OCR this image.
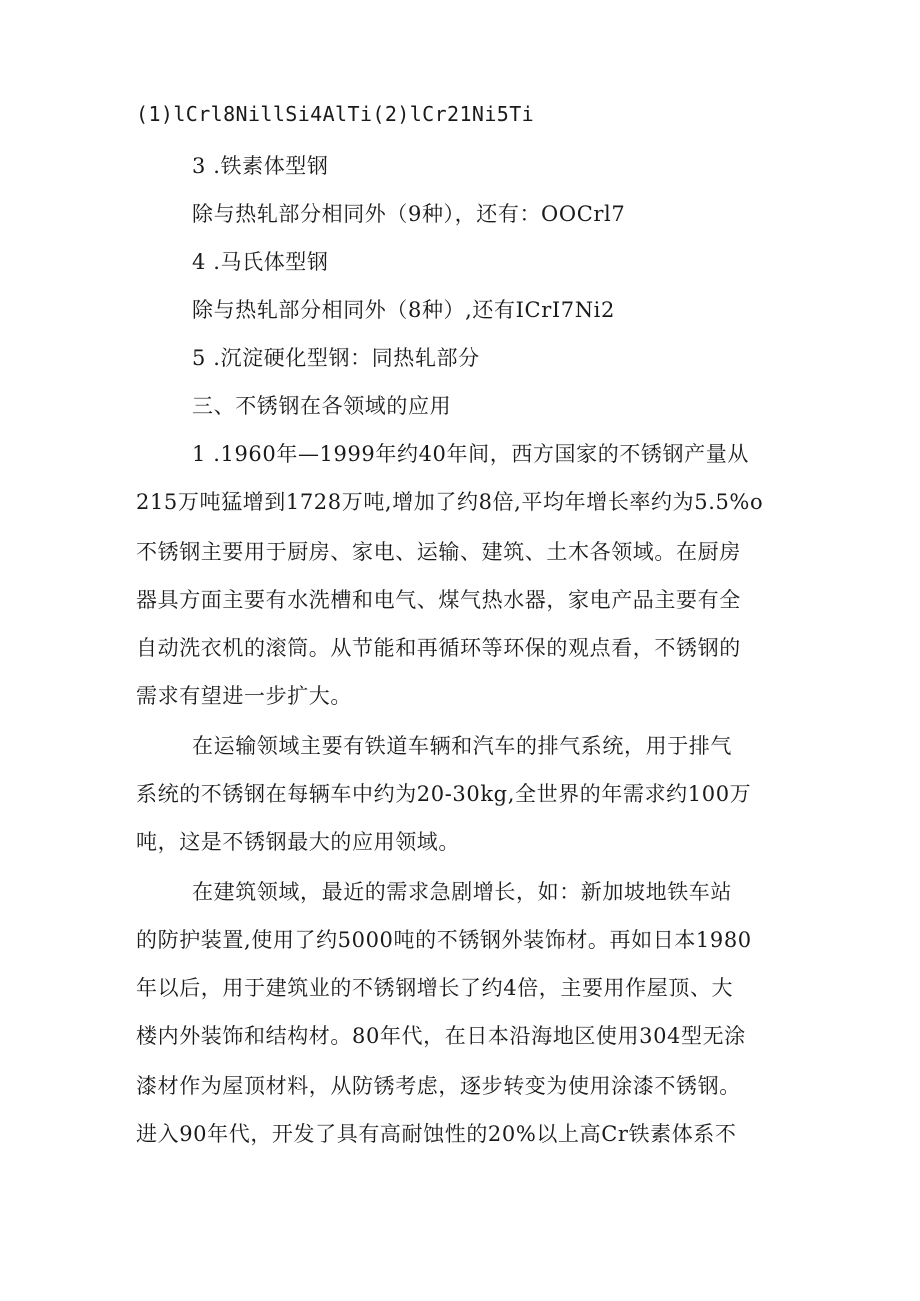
(1)lCrl8NillSi4AlTi(2)lCr21Ni5Ti
3 .铁素体型钢
除与热轧部分相同外（9种），还有：OOCrl7
4 .马氏体型钢
除与热轧部分相同外（8种）,还有ICrI7Ni2
5 .沉淀硬化型钢：同热轧部分
三、不锈钢在各领域的应用
1 .1960年—1999年约40年间，西方国家的不锈钢产量从
215万吨猛增到1728万吨,增加了约8倍,平均年增长率约为5.5%o
不锈钢主要用于厨房、家电、运输、建筑、土木各领域。在厨房
器具方面主要有水洗槽和电气、煤气热水器，家电产品主要有全
自动洗衣机的滚筒。从节能和再循环等环保的观点看，不锈钢的
需求有望进一步扩大。
在运输领域主要有铁道车辆和汽车的排气系统，用于排气
系统的不锈钢在每辆车中约为20-30kg,全世界的年需求约100万
吨，这是不锈钢最大的应用领域。
在建筑领域，最近的需求急剧增长，如：新加坡地铁车站
的防护装置,使用了约5000吨的不锈钢外装饰材。再如日本1980
年以后，用于建筑业的不锈钢增长了约4倍，主要用作屋顶、大
楼内外装饰和结构材。80年代，在日本沿海地区使用304型无涂
漆材作为屋顶材料，从防锈考虑，逐步转变为使用涂漆不锈钢。
进入90年代，开发了具有高耐蚀性的20%以上高Cr铁素体系不
